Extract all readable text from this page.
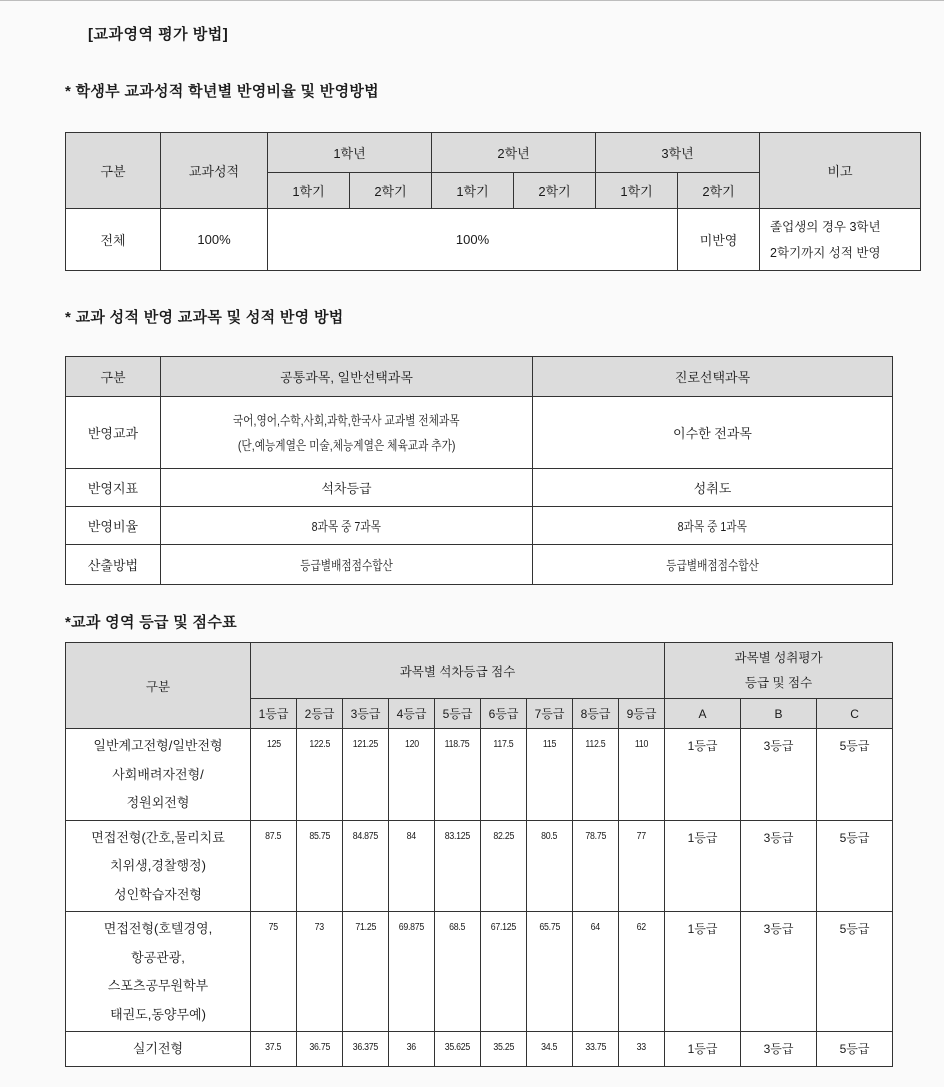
[교과영역 평가 방법]
* 학생부 교과성적 학년별 반영비율 및 반영방법
구분	교과성적	1학년		2학년		3학년		비고
		1학기	2학기	1학기	2학기	1학기	2학기	
전체	100%	100%					미반영	졸업생의 경우 3학년
2학기까지 성적 반영
* 교과 성적 반영 교과목 및 성적 반영 방법
구분	공통과목, 일반선택과목	진로선택과목
반영교과	국어,영어,수학,사회,과학,한국사 교과별 전체과목
(단,예능계열은 미술,체능계열은 체육교과 추가)	이수한 전과목
반영지표	석차등급	성취도
반영비율	8과목 중 7과목	8과목 중 1과목
산출방법	등급별배점점수합산	등급별배점점수합산
*교과 영역 등급 및 점수표
구분	과목별 석차등급 점수									과목별 성취평가
등급 및 점수		

	1등급	2등급	3등급	4등급	5등급	6등급	7등급	8등급	9등급	A	B	C

일반계고전형/일반전형
사회배려자전형/
정원외전형	125	122.5	121.25	120	118.75	117.5	115	112.5	110	1등급	3등급	5등급

면접전형(간호,물리치료
치위생,경찰행정)
성인학습자전형	87.5	85.75	84.875	84	83.125	82.25	80.5	78.75	77	1등급	3등급	5등급

면접전형(호텔경영,
항공관광,
스포츠공무원학부
태권도,동양무예)	75	73	71.25	69.875	68.5	67.125	65.75	64	62	1등급	3등급	5등급

실기전형	37.5	36.75	36.375	36	35.625	35.25	34.5	33.75	33	1등급	3등급	5등급
